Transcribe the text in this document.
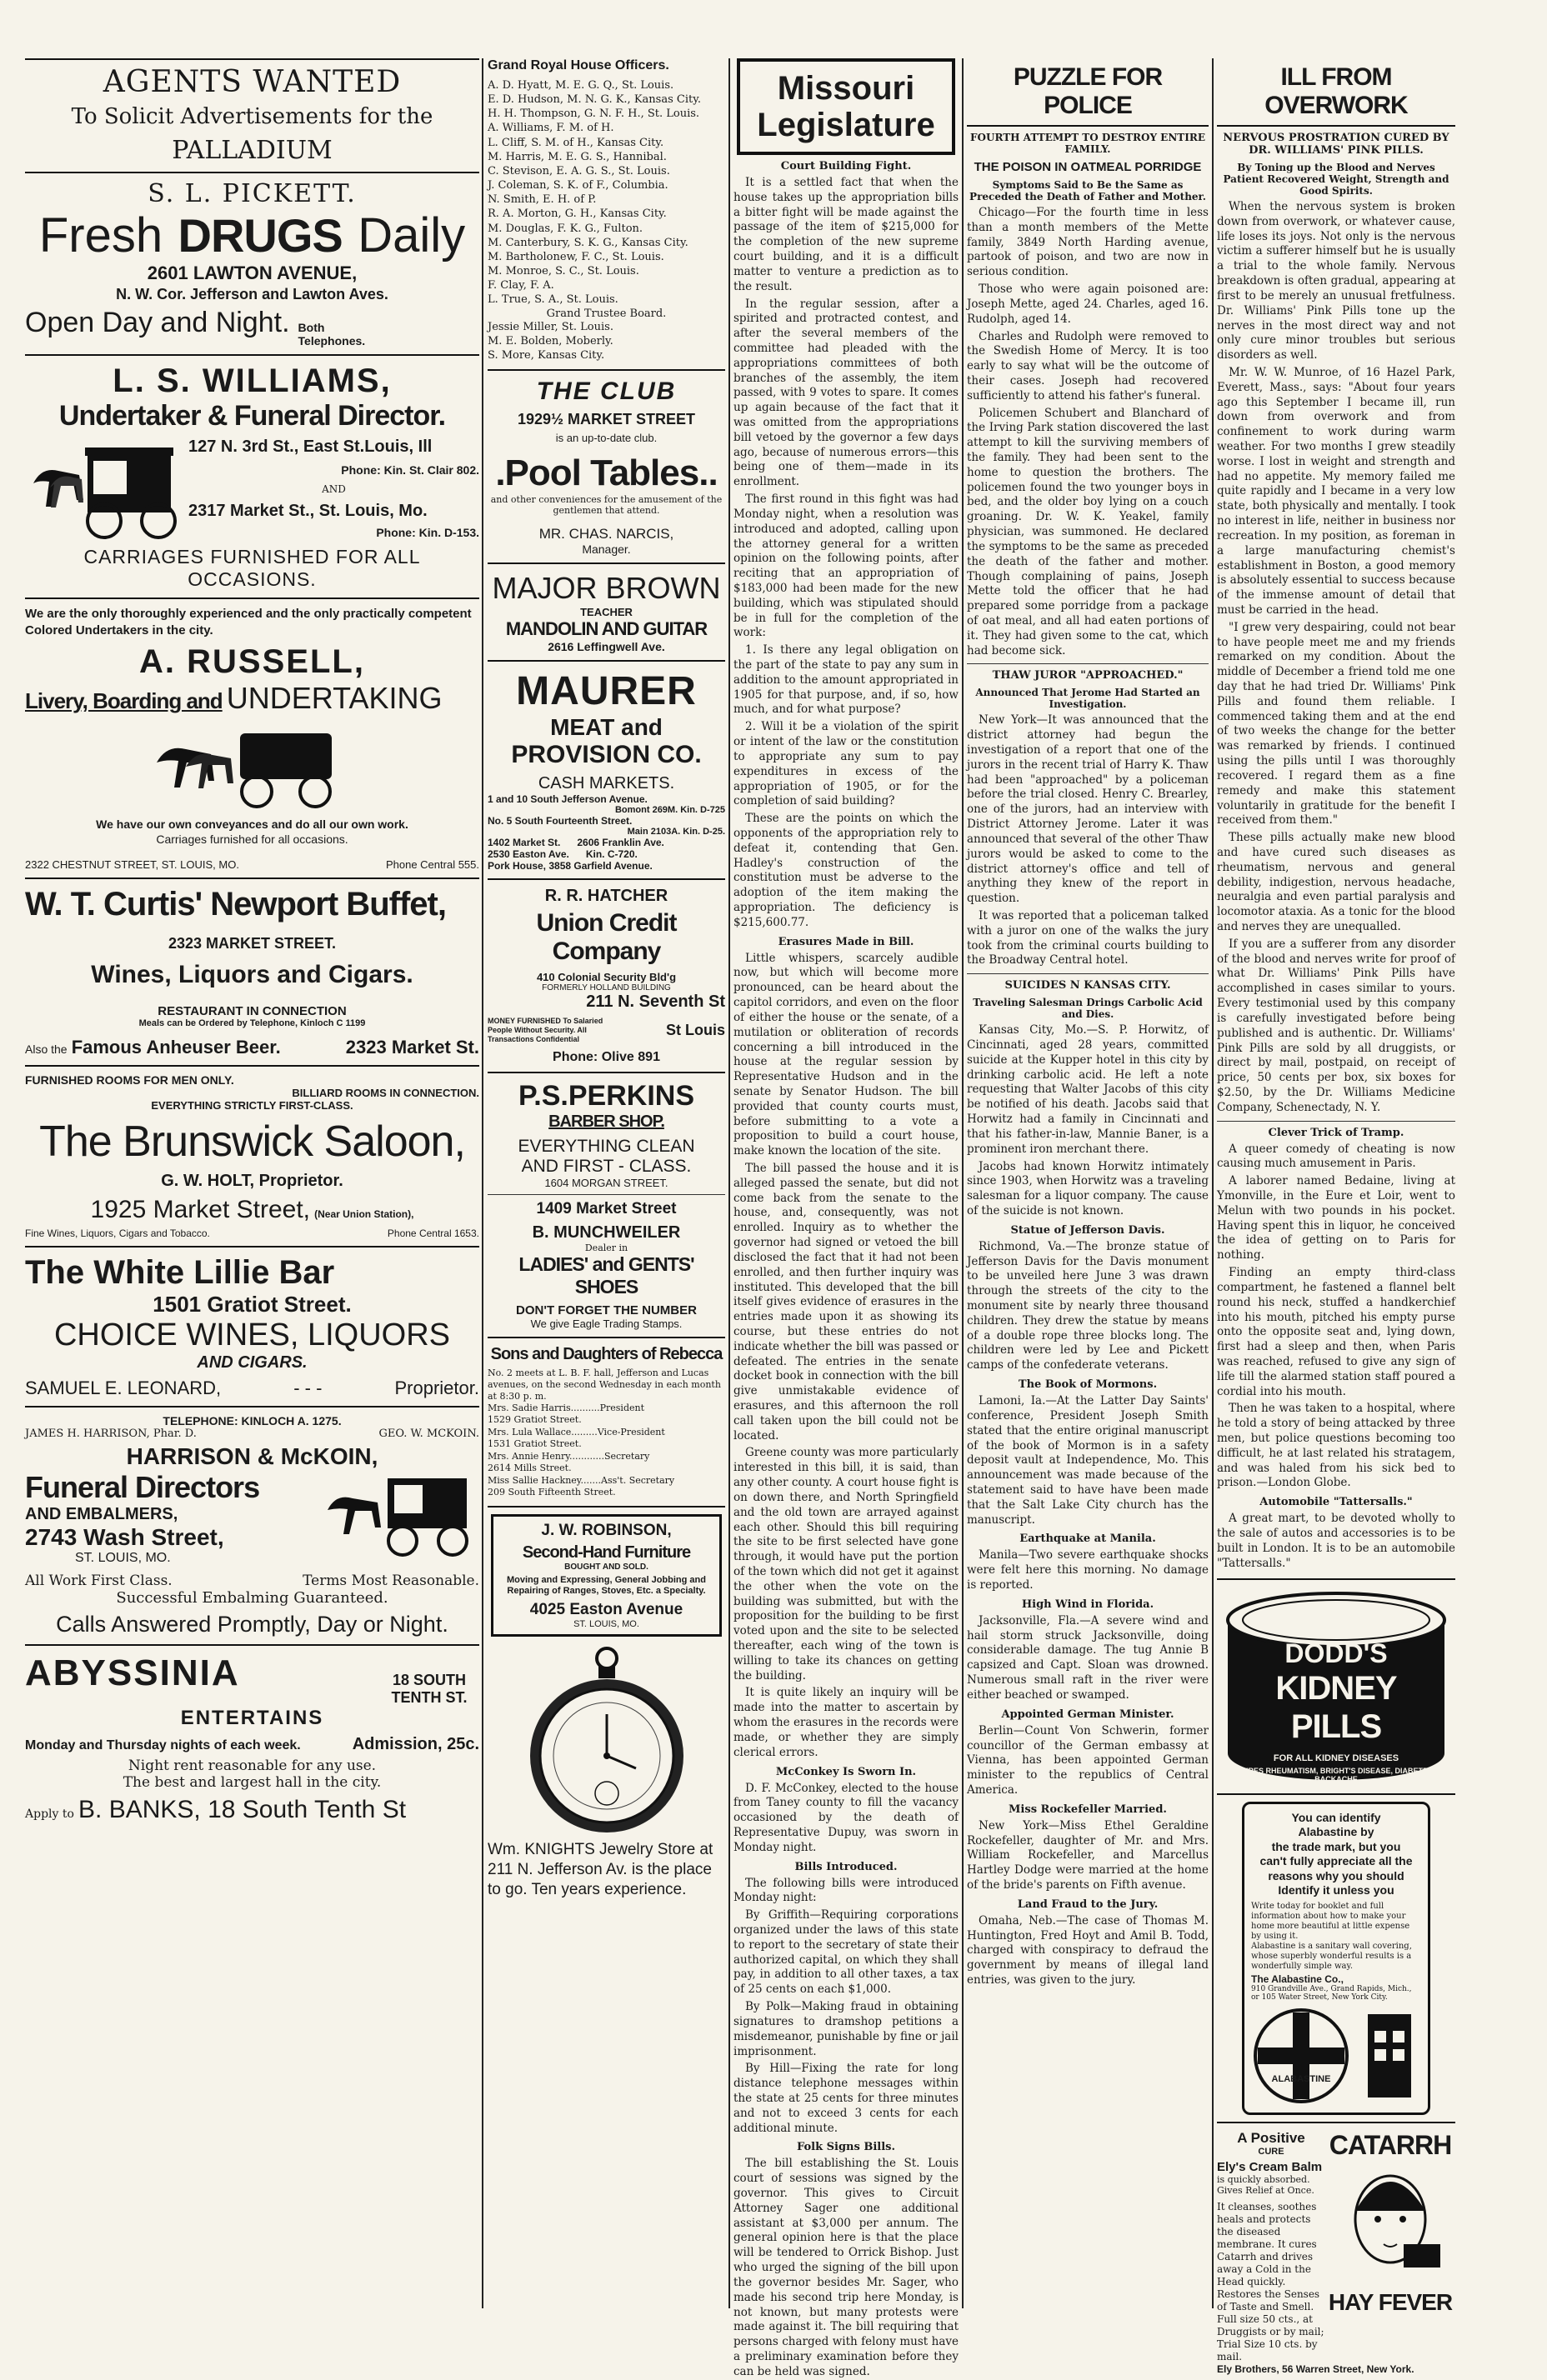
AGENTS WANTED
To Solicit Advertisements for the
PALLADIUM
S. L. PICKETT.
Fresh DRUGS Daily
2601 LAWTON AVENUE,
N. W. Cor. Jefferson and Lawton Aves.
Open Day and Night. Both Telephones.
L. S. WILLIAMS,
Undertaker & Funeral Director.
127 N. 3rd St., East St.Louis, Ill
Phone: Kin. St. Clair 802.
AND
2317 Market St., St. Louis, Mo.
Phone: Kin. D-153.
CARRIAGES FURNISHED FOR ALL OCCASIONS.
We are the only thoroughly experienced and the only practically competent Colored Undertakers in the city.
A. RUSSELL,
Livery, Boarding and UNDERTAKING
We have our own conveyances and do all our own work.
Carriages furnished for all occasions.
2322 CHESTNUT STREET, ST. LOUIS, MO.	Phone Central 555.
W. T. Curtis' Newport Buffet,
2323 MARKET STREET.
Wines, Liquors and Cigars.
RESTAURANT IN CONNECTION
Meals can be Ordered by Telephone, Kinloch C 1199
Also the Famous Anheuser Beer.	2323 Market St.
FURNISHED ROOMS FOR MEN ONLY.
BILLIARD ROOMS IN CONNECTION.
EVERYTHING STRICTLY FIRST-CLASS.
The Brunswick Saloon,
G. W. HOLT, Proprietor.
1925 Market Street, (Near Union Station),
Fine Wines, Liquors, Cigars and Tobacco.	Phone Central 1653.
The White Lillie Bar
1501 Gratiot Street.
CHOICE WINES, LIQUORS
AND CIGARS.
SAMUEL E. LEONARD,	- - -	Proprietor.
TELEPHONE: KINLOCH A. 1275.
JAMES H. HARRISON, Phar. D.	GEO. W. MCKOIN.
HARRISON & McKOIN,
Funeral Directors
AND EMBALMERS,
2743 Wash Street,
ST. LOUIS, MO.
All Work First Class.	Terms Most Reasonable.
Successful Embalming Guaranteed.
Calls Answered Promptly, Day or Night.
ABYSSINIA	18 SOUTH TENTH ST.
ENTERTAINS
Monday and Thursday nights of each week.	Admission, 25c.
Night rent reasonable for any use.
The best and largest hall in the city.
Apply to B. BANKS, 18 South Tenth St
Grand Royal House Officers.
A. D. Hyatt, M. E. G. Q., St. Louis.
E. D. Hudson, M. N. G. K., Kansas City.
H. H. Thompson, G. N. F. H., St. Louis.
A. Williams, F. M. of H.
L. Cliff, S. M. of H., Kansas City.
M. Harris, M. E. G. S., Hannibal.
C. Stevison, E. A. G. S., St. Louis.
J. Coleman, S. K. of F., Columbia.
N. Smith, E. H. of P.
R. A. Morton, G. H., Kansas City.
M. Douglas, F. K. G., Fulton.
M. Canterbury, S. K. G., Kansas City.
M. Bartholonew, F. C., St. Louis.
M. Monroe, S. C., St. Louis.
F. Clay, F. A.
L. True, S. A., St. Louis.
Grand Trustee Board.
Jessie Miller, St. Louis.
M. E. Bolden, Moberly.
S. More, Kansas City.
THE CLUB
1929½ MARKET STREET
is an up-to-date club.
.Pool Tables..
and other conveniences for the amusement of the gentlemen that attend.
MR. CHAS. NARCIS,
Manager.
MAJOR BROWN
TEACHER
MANDOLIN AND GUITAR
2616 Leffingwell Ave.
MAURER
MEAT and
PROVISION CO.
CASH MARKETS.
1 and 10 South Jefferson Avenue.
Bomont 269M. Kin. D-725
No. 5 South Fourteenth Street.
Main 2103A. Kin. D-25.
1402 Market St.      2606 Franklin Ave.
2530 Easton Ave.      Kin. C-720.
Pork House, 3858 Garfield Avenue.
R. R. HATCHER
Union Credit Company
410 Colonial Security Bld'g
FORMERLY HOLLAND BUILDING
211 N. Seventh St
MONEY FURNISHED To Salaried People Without Security. All Transactions Confidential
St Louis
Phone: Olive 891
P.S.PERKINS
BARBER SHOP.
EVERYTHING CLEAN
AND FIRST - CLASS.
1604 MORGAN STREET.
1409 Market Street
B. MUNCHWEILER
Dealer in
LADIES' and GENTS' SHOES
DON'T FORGET THE NUMBER
We give Eagle Trading Stamps.
Sons and Daughters of Rebecca
No. 2 meets at L. B. F. hall, Jefferson and Lucas avenues, on the second Wednesday in each month at 8:30 p. m.
Mrs. Sadie Harris..........President
1529 Gratiot Street.
Mrs. Lula Wallace.........Vice-President
1531 Gratiot Street.
Mrs. Annie Henry............Secretary
2614 Mills Street.
Miss Sallie Hackney.......Ass't. Secretary
209 South Fifteenth Street.
J. W. ROBINSON,
Second-Hand Furniture
BOUGHT AND SOLD.
Moving and Expressing, General Jobbing and Repairing of Ranges, Stoves, Etc. a Specialty.
4025 Easton Avenue
ST. LOUIS, MO.
Wm. KNIGHTS Jewelry Store at 211 N. Jefferson Av. is the place to go. Ten years experience.
Missouri
Legislature
Court Building Fight.

It is a settled fact that when the house takes up the appropriation bills a bitter fight will be made against the passage of the item of $215,000 for the completion of the new supreme court building, and it is a difficult matter to venture a prediction as to the result.

In the regular session, after a spirited and protracted contest, and after the several members of the committee had pleaded with the appropriations committees of both branches of the assembly, the item passed, with 9 votes to spare. It comes up again because of the fact that it was omitted from the appropriations bill vetoed by the governor a few days ago, because of numerous errors—this being one of them—made in its enrollment.

The first round in this fight was had Monday night, when a resolution was introduced and adopted, calling upon the attorney general for a written opinion on the following points, after reciting that an appropriation of $183,000 had been made for the new building, which was stipulated should be in full for the completion of the work:

1. Is there any legal obligation on the part of the state to pay any sum in addition to the amount appropriated in 1905 for that purpose, and, if so, how much, and for what purpose?

2. Will it be a violation of the spirit or intent of the law or the constitution to appropriate any sum to pay expenditures in excess of the appropriation of 1905, or for the completion of said building?

These are the points on which the opponents of the appropriation rely to defeat it, contending that Gen. Hadley's construction of the constitution must be adverse to the adoption of the item making the appropriation. The deficiency is $215,600.77.

Erasures Made in Bill.

Little whispers, scarcely audible now, but which will become more pronounced, can be heard about the capitol corridors, and even on the floor of either the house or the senate, of a mutilation or obliteration of records concerning a bill introduced in the house at the regular session by Representative Hudson and in the senate by Senator Hudson. The bill provided that county courts must, before submitting to a vote a proposition to build a court house, make known the location of the site.

The bill passed the house and it is alleged passed the senate, but did not come back from the senate to the house, and, consequently, was not enrolled. Inquiry as to whether the governor had signed or vetoed the bill disclosed the fact that it had not been enrolled, and then further inquiry was instituted. This developed that the bill itself gives evidence of erasures in the entries made upon it as showing its course, but these entries do not indicate whether the bill was passed or defeated. The entries in the senate docket book in connection with the bill give unmistakable evidence of erasures, and this afternoon the roll call taken upon the bill could not be located.

Greene county was more particularly interested in this bill, it is said, than any other county. A court house fight is on down there, and North Springfield and the old town are arrayed against each other. Should this bill requiring the site to be first selected have gone through, it would have put the portion of the town which did not get it against the other when the vote on the building was submitted, but with the proposition for the building to be first voted upon and the site to be selected thereafter, each wing of the town is willing to take its chances on getting the building.

It is quite likely an inquiry will be made into the matter to ascertain by whom the erasures in the records were made, or whether they are simply clerical errors.

McConkey Is Sworn In.

D. F. McConkey, elected to the house from Taney county to fill the vacancy occasioned by the death of Representative Dupuy, was sworn in Monday night.

Bills Introduced.

The following bills were introduced Monday night:

By Griffith—Requiring corporations organized under the laws of this state to report to the secretary of state their authorized capital, on which they shall pay, in addition to all other taxes, a tax of 25 cents on each $1,000.

By Polk—Making fraud in obtaining signatures to dramshop petitions a misdemeanor, punishable by fine or jail imprisonment.

By Hill—Fixing the rate for long distance telephone messages within the state at 25 cents for three minutes and not to exceed 3 cents for each additional minute.

Folk Signs Bills.

The bill establishing the St. Louis court of sessions was signed by the governor. This gives to Circuit Attorney Sager one additional assistant at $3,000 per annum. The general opinion here is that the place will be tendered to Orrick Bishop. Just who urged the signing of the bill upon the governor besides Mr. Sager, who made his second trip here Monday, is not known, but many protests were made against it. The bill requiring that persons charged with felony must have a preliminary examination before they can be held was signed.

PUZZLE FOR POLICE
FOURTH ATTEMPT TO DESTROY ENTIRE FAMILY.
THE POISON IN OATMEAL PORRIDGE
Symptoms Said to Be the Same as Preceded the Death of Father and Mother.

Chicago—For the fourth time in less than a month members of the Mette family, 3849 North Harding avenue, partook of poison, and two are now in serious condition.

Those who were again poisoned are: Joseph Mette, aged 24. Charles, aged 16. Rudolph, aged 14.

Charles and Rudolph were removed to the Swedish Home of Mercy. It is too early to say what will be the outcome of their cases. Joseph had recovered sufficiently to attend his father's funeral.

Policemen Schubert and Blanchard of the Irving Park station discovered the last attempt to kill the surviving members of the family. They had been sent to the home to question the brothers. The policemen found the two younger boys in bed, and the older boy lying on a couch groaning. Dr. W. K. Yeakel, family physician, was summoned. He declared the symptoms to be the same as preceded the death of the father and mother. Though complaining of pains, Joseph Mette told the officer that he had prepared some porridge from a package of oat meal, and all had eaten portions of it. They had given some to the cat, which had become sick.

THAW JUROR "APPROACHED."
Announced That Jerome Had Started an Investigation.

New York—It was announced that the district attorney had begun the investigation of a report that one of the jurors in the recent trial of Harry K. Thaw had been "approached" by a policeman before the trial closed. Henry C. Brearley, one of the jurors, had an interview with District Attorney Jerome. Later it was announced that several of the other Thaw jurors would be asked to come to the district attorney's office and tell of anything they knew of the report in question.

It was reported that a policeman talked with a juror on one of the walks the jury took from the criminal courts building to the Broadway Central hotel.

SUICIDES N KANSAS CITY.
Traveling Salesman Drings Carbolic Acid and Dies.

Kansas City, Mo.—S. P. Horwitz, of Cincinnati, aged 28 years, committed suicide at the Kupper hotel in this city by drinking carbolic acid. He left a note requesting that Walter Jacobs of this city be notified of his death. Jacobs said that Horwitz had a family in Cincinnati and that his father-in-law, Mannie Baner, is a prominent iron merchant there.

Jacobs had known Horwitz intimately since 1903, when Horwitz was a traveling salesman for a liquor company. The cause of the suicide is not known.

Statue of Jefferson Davis.

Richmond, Va.—The bronze statue of Jefferson Davis for the Davis monument to be unveiled here June 3 was drawn through the streets of the city to the monument site by nearly three thousand children. They drew the statue by means of a double rope three blocks long. The children were led by Lee and Pickett camps of the confederate veterans.

The Book of Mormons.

Lamoni, Ia.—At the Latter Day Saints' conference, President Joseph Smith stated that the entire original manuscript of the book of Mormon is in a safety deposit vault at Independence, Mo. This announcement was made because of the statement said to have have been made that the Salt Lake City church has the manuscript.

Earthquake at Manila.

Manila—Two severe earthquake shocks were felt here this morning. No damage is reported.

High Wind in Florida.

Jacksonville, Fla.—A severe wind and hail storm struck Jacksonville, doing considerable damage. The tug Annie B capsized and Capt. Sloan was drowned. Numerous small raft in the river were either beached or swamped.

Appointed German Minister.

Berlin—Count Von Schwerin, former councillor of the German embassy at Vienna, has been appointed German minister to the republics of Central America.

Miss Rockefeller Married.

New York—Miss Ethel Geraldine Rockefeller, daughter of Mr. and Mrs. William Rockefeller, and Marcellus Hartley Dodge were married at the home of the bride's parents on Fifth avenue.

Land Fraud to the Jury.

Omaha, Neb.—The case of Thomas M. Huntington, Fred Hoyt and Amil B. Todd, charged with conspiracy to defraud the government by means of illegal land entries, was given to the jury.

ILL FROM OVERWORK
NERVOUS PROSTRATION CURED BY DR. WILLIAMS' PINK PILLS.
By Toning up the Blood and Nerves Patient Recovered Weight, Strength and Good Spirits.

When the nervous system is broken down from overwork, or whatever cause, life loses its joys. Not only is the nervous victim a sufferer himself but he is usually a trial to the whole family. Nervous breakdown is often gradual, appearing at first to be merely an unusual fretfulness. Dr. Williams' Pink Pills tone up the nerves in the most direct way and not only cure minor troubles but serious disorders as well.

Mr. W. W. Munroe, of 16 Hazel Park, Everett, Mass., says: "About four years ago this September I became ill, run down from overwork and from confinement to work during warm weather. For two months I grew steadily worse. I lost in weight and strength and had no appetite. My memory failed me quite rapidly and I became in a very low state, both physically and mentally. I took no interest in life, neither in business nor recreation. In my position, as foreman in a large manufacturing chemist's establishment in Boston, a good memory is absolutely essential to success because of the immense amount of detail that must be carried in the head.

"I grew very despairing, could not bear to have people meet me and my friends remarked on my condition. About the middle of December a friend told me one day that he had tried Dr. Williams' Pink Pills and found them reliable. I commenced taking them and at the end of two weeks the change for the better was remarked by friends. I continued using the pills until I was thoroughly recovered. I regard them as a fine remedy and make this statement voluntarily in gratitude for the benefit I received from them."

These pills actually make new blood and have cured such diseases as rheumatism, nervous and general debility, indigestion, nervous headache, neuralgia and even partial paralysis and locomotor ataxia. As a tonic for the blood and nerves they are unequalled.

If you are a sufferer from any disorder of the blood and nerves write for proof of what Dr. Williams' Pink Pills have accomplished in cases similar to yours. Every testimonial used by this company is carefully investigated before being published and is authentic. Dr. Williams' Pink Pills are sold by all druggists, or direct by mail, postpaid, on receipt of price, 50 cents per box, six boxes for $2.50, by the Dr. Williams Medicine Company, Schenectady, N. Y.

Clever Trick of Tramp.

A queer comedy of cheating is now causing much amusement in Paris.

A laborer named Bedaine, living at Ymonville, in the Eure et Loir, went to Melun with two pounds in his pocket. Having spent this in liquor, he conceived the idea of getting on to Paris for nothing.

Finding an empty third-class compartment, he fastened a flannel belt round his neck, stuffed a handkerchief into his mouth, pitched his empty purse onto the opposite seat and, lying down, first had a sleep and then, when Paris was reached, refused to give any sign of life till the alarmed station staff poured a cordial into his mouth.

Then he was taken to a hospital, where he told a story of being attacked by three men, but police questions becoming too difficult, he at last related his stratagem, and was haled from his sick bed to prison.—London Globe.

Automobile "Tattersalls."

A great mart, to be devoted wholly to the sale of autos and accessories is to be built in London. It is to be an automobile "Tattersalls."

DODD'S
KIDNEY
PILLS
FOR ALL KIDNEY DISEASES
CURES RHEUMATISM, BRIGHT'S DISEASE, DIABETES, BACKACHE
You can identify
Alabastine by
the trade mark, but you
can't fully appreciate all the
reasons why you should
Identify it unless you
Write today for booklet and full information about how to make your home more beautiful at little expense by using it.
Alabastine is a sanitary wall covering, whose superbly wonderful results is a wonderfully simple way.
The Alabastine Co.,
910 Grandville Ave., Grand Rapids, Mich., or 105 Water Street, New York City.
ALABASTINE
A Positive
CURE
Ely's Cream Balm
is quickly absorbed.
Gives Relief at Once.
It cleanses, soothes heals and protects the diseased membrane. It cures Catarrh and drives away a Cold in the Head quickly. Restores the Senses of Taste and Smell. Full size 50 cts., at Druggists or by mail; Trial Size 10 cts. by mail.
CATARRH
HAY FEVER
Ely Brothers, 56 Warren Street, New York.
